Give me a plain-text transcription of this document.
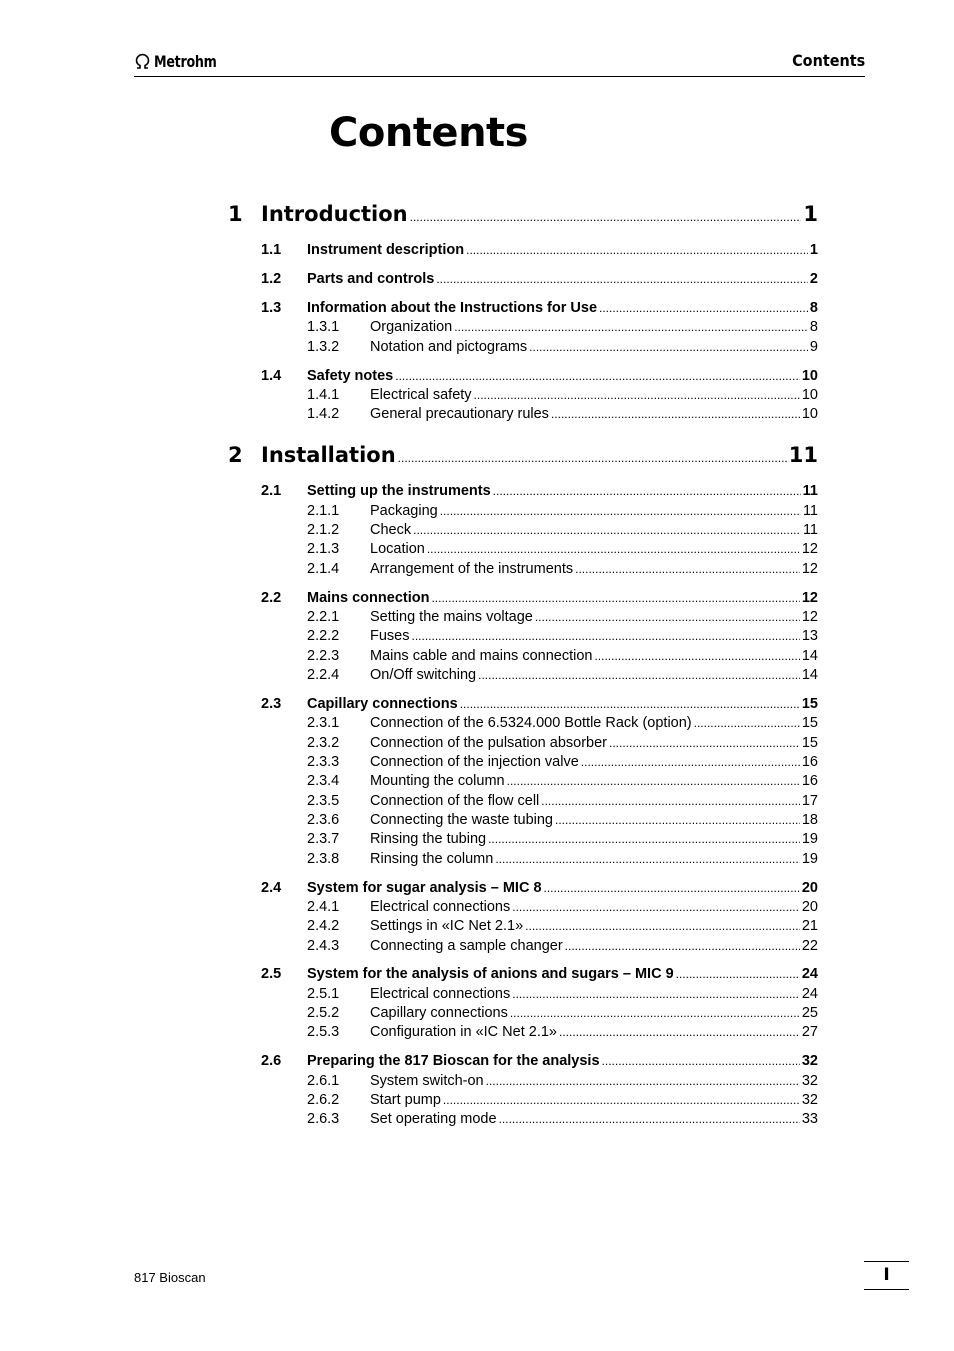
Metrohm	Contents
Contents
1 Introduction .....	1
1.1 Instrument description .....	1
1.2 Parts and controls .....	2
1.3 Information about the Instructions for Use .....	8
1.3.1 Organization .....	8
1.3.2 Notation and pictograms .....	9
1.4 Safety notes .....	10
1.4.1 Electrical safety .....	10
1.4.2 General precautionary rules .....	10
2 Installation .....	11
2.1 Setting up the instruments .....	11
2.1.1 Packaging .....	11
2.1.2 Check .....	11
2.1.3 Location .....	12
2.1.4 Arrangement of the instruments .....	12
2.2 Mains connection .....	12
2.2.1 Setting the mains voltage .....	12
2.2.2 Fuses .....	13
2.2.3 Mains cable and mains connection .....	14
2.2.4 On/Off switching .....	14
2.3 Capillary connections .....	15
2.3.1 Connection of the 6.5324.000 Bottle Rack (option) .....	15
2.3.2 Connection of the pulsation absorber .....	15
2.3.3 Connection of the injection valve .....	16
2.3.4 Mounting the column .....	16
2.3.5 Connection of the flow cell .....	17
2.3.6 Connecting the waste tubing .....	18
2.3.7 Rinsing the tubing .....	19
2.3.8 Rinsing the column .....	19
2.4 System for sugar analysis – MIC 8 .....	20
2.4.1 Electrical connections .....	20
2.4.2 Settings in «IC Net 2.1» .....	21
2.4.3 Connecting a sample changer .....	22
2.5 System for the analysis of anions and sugars – MIC 9 .....	24
2.5.1 Electrical connections .....	24
2.5.2 Capillary connections .....	25
2.5.3 Configuration in «IC Net 2.1» .....	27
2.6 Preparing the 817 Bioscan for the analysis .....	32
2.6.1 System switch-on .....	32
2.6.2 Start pump .....	32
2.6.3 Set operating mode .....	33
817 Bioscan	I
